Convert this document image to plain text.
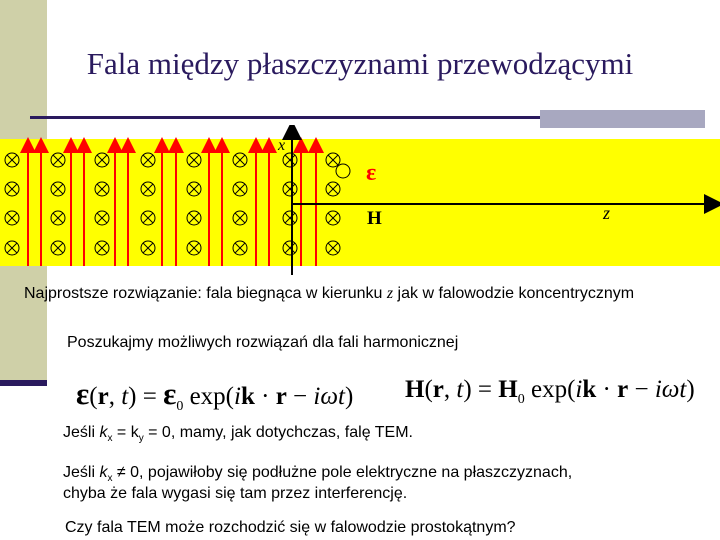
Fala między płaszczyznami przewodzącymi
x
z
ε
H
Najprostsze rozwiązanie: fala biegnąca w kierunku z jak w falowodzie koncentrycznym
Poszukajmy możliwych rozwiązań dla fali harmonicznej
ε(r, $t) = \varepsilon_0$ exp(ik · r − iωt) H(r, $t) = H_0$ exp(ik · r − iωt)
Jeśli $k_x = k_y = 0$, mamy, jak dotychczas, falę TEM.
Jeśli $k_x \ne 0$, pojawiłoby się podłużne pole elektryczne na płaszczyznach,
chyba że fala wygasi się tam przez interferencję.
Czy fala TEM może rozchodzić się w falowodzie prostokątnym?
